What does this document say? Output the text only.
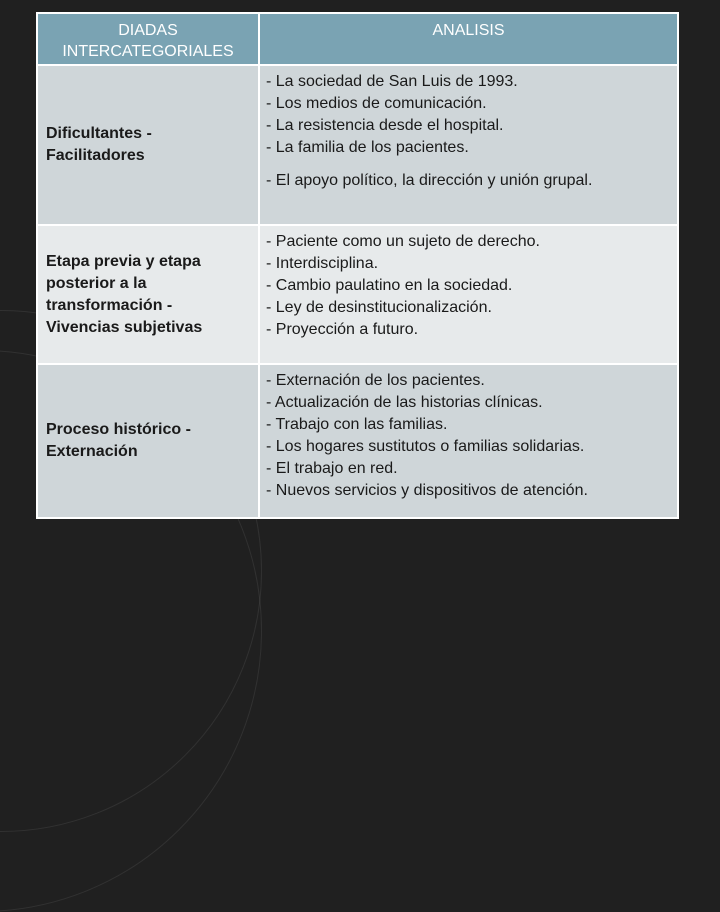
DIADAS INTERCATEGORIALES
ANALISIS
Dificultantes - Facilitadores
- La sociedad de San Luis de 1993.
- Los medios de comunicación.
- La resistencia desde el hospital.
- La familia de los pacientes.
- El apoyo político, la dirección y unión grupal.
Etapa previa y etapa posterior a la transformación - Vivencias subjetivas
- Paciente como un sujeto de derecho.
- Interdisciplina.
- Cambio paulatino en la sociedad.
- Ley de desinstitucionalización.
- Proyección a futuro.
Proceso histórico - Externación
- Externación de los pacientes.
- Actualización de las historias clínicas.
- Trabajo con las familias.
- Los hogares sustitutos o familias solidarias.
- El trabajo en red.
- Nuevos servicios y dispositivos de atención.
